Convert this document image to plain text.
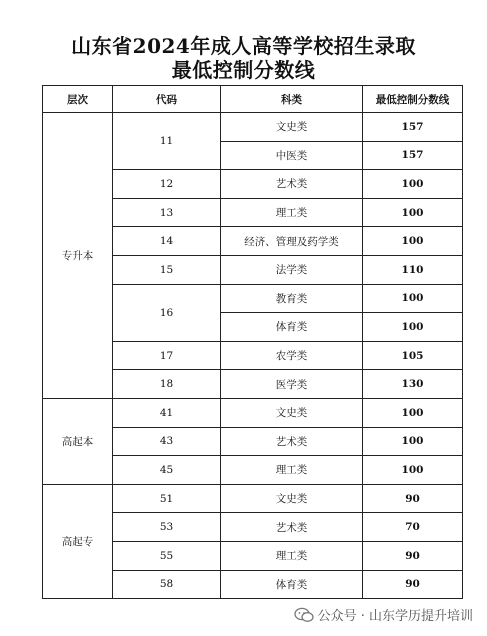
山东省2024年成人高等学校招生录取
最低控制分数线
层次	代码	科类	最低控制分数线
专升本	11	文史类	157
		中医类	157
	12	艺术类	100
	13	理工类	100
	14	经济、管理及药学类	100
	15	法学类	110
	16	教育类	100
		体育类	100
	17	农学类	105
	18	医学类	130
高起本	41	文史类	100
	43	艺术类	100
	45	理工类	100
高起专	51	文史类	90
	53	艺术类	70
	55	理工类	90
	58	体育类	90
公众号 · 山东学历提升培训
